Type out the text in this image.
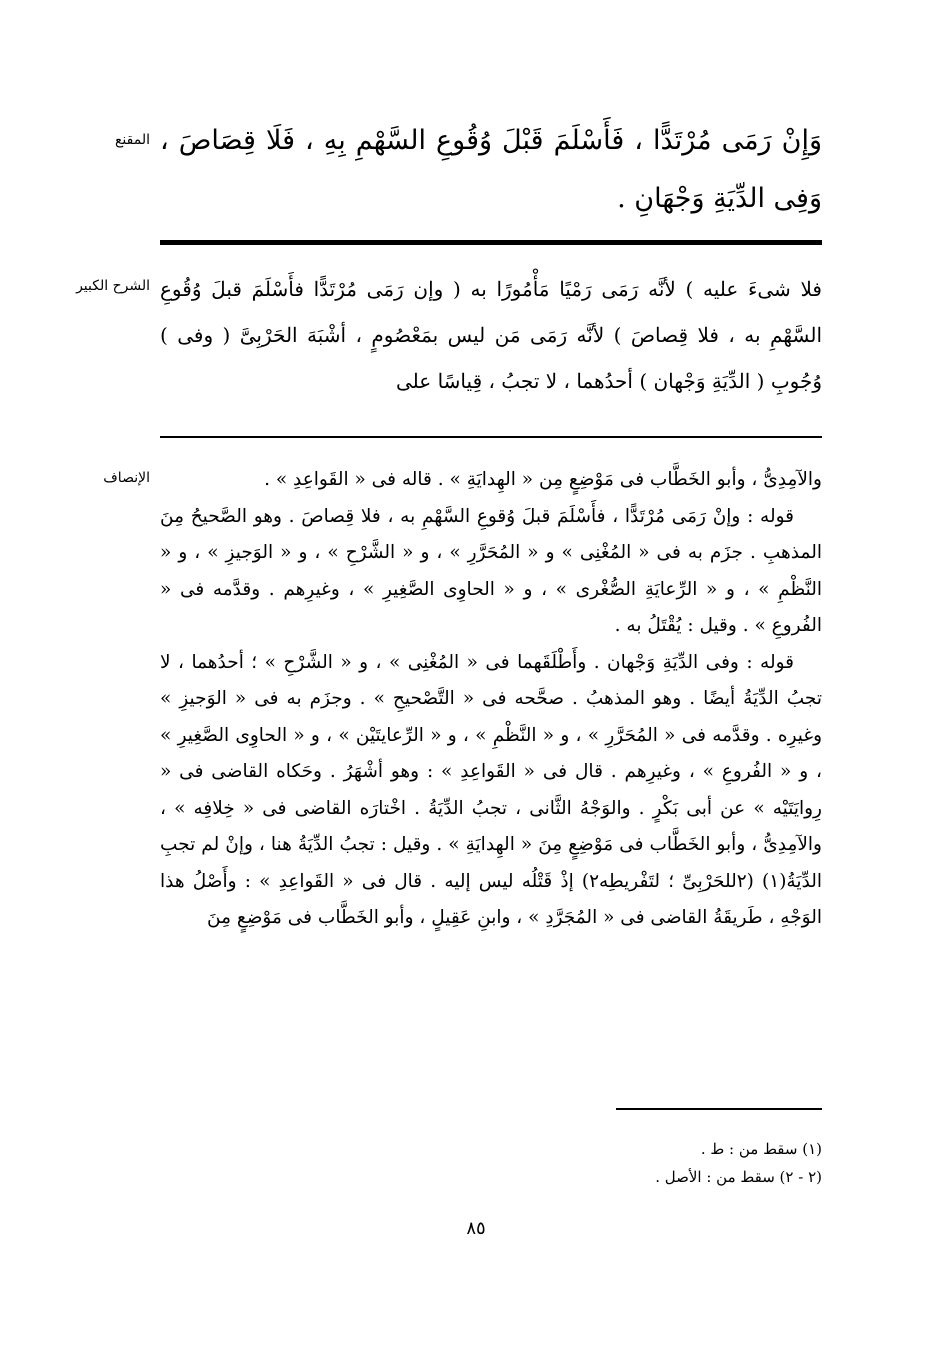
المقنع وَإِنْ رَمَى مُرْتَدًّا ، فَأَسْلَمَ قَبْلَ وُقُوعِ السَّهْمِ بِهِ ، فَلَا قِصَاصَ ، وَفِى الدِّيَةِ وَجْهَانِ .
الشرح الكبير فلا شىءَ عليه ) لأنَّه رَمَى رَمْيًا مَأْمُورًا به ( وإن رَمَى مُرْتَدًّا فأَسْلَمَ قبلَ وُقُوعِ السَّهْمِ به ، فلا قِصاصَ ) لأنَّه رَمَى مَن ليس بمَعْصُومٍ ، أشْبَهَ الحَرْبِىَّ ( وفى ) وُجُوبِ ( الدِّيَةِ وَجْهان ) أحدُهما ، لا تجبُ ، قِياسًا على
الإنصاف	والآمِدِىُّ ، وأبو الخَطَّاب فى مَوْضِعٍ مِن « الهِدايَةِ » . قاله فى « القَواعِدِ » .

قوله : وإنْ رَمَى مُرْتَدًّا ، فأَسْلَمَ قبلَ وُقوعِ السَّهْمِ به ، فلا قِصاصَ . وهو الصَّحيحُ مِنَ المذهبِ . جزَم به فى « المُغْنِى » و « المُحَرَّرِ » ، و « الشَّرْحِ » ، و « الوَجيزِ » ، و « النَّظْمِ » ، و « الرِّعايَةِ الصُّغْرى » ، و « الحاوِى الصَّغِيرِ » ، وغيرِهم . وقدَّمه فى « الفُروعِ » . وقيل : يُقْتَلُ به .

قوله : وفى الدِّيَةِ وَجْهان . وأَطْلَقَهما فى « المُغْنِى » ، و « الشَّرْحِ » ؛ أحدُهما ، لا تجبُ الدِّيَةُ أيضًا . وهو المذهبُ . صحَّحه فى « التَّصْحيحِ » . وجزَم به فى « الوَجيزِ » وغيرِه . وقدَّمه فى « المُحَرَّرِ » ، و « النَّظْمِ » ، و « الرِّعايتَيْن » ، و « الحاوِى الصَّغِيرِ » ، و « الفُروعِ » ، وغيرِهم . قال فى « القَواعِدِ » : وهو أشْهَرُ . وحَكاه القاضى فى « رِوايَتَيْه » عن أبى بَكْرٍ . والوَجْهُ الثَّانى ، تجبُ الدِّيَةُ . اخْتارَه القاضى فى « خِلافِه » ، والآمِدِىُّ ، وأبو الخَطَّاب فى مَوْضِعٍ مِنَ « الهِدايَةِ » . وقيل : تجبُ الدِّيَةُ هنا ، وإنْ لم تجبِ الدِّيَةُ(١) (٢للحَرْبِىِّ ؛ لتَفْريطِه٢) إذْ قَتْلُه ليس إليه . قال فى « القَواعِدِ » : وأَصْلُ هذا الوَجْهِ ، طَريقَةُ القاضى فى « المُجَرَّدِ » ، وابنِ عَقِيلٍ ، وأبو الخَطَّاب فى مَوْضِعٍ مِنَ

(١) سقط من : ط .
(٢ - ٢) سقط من : الأصل .
٨٥
